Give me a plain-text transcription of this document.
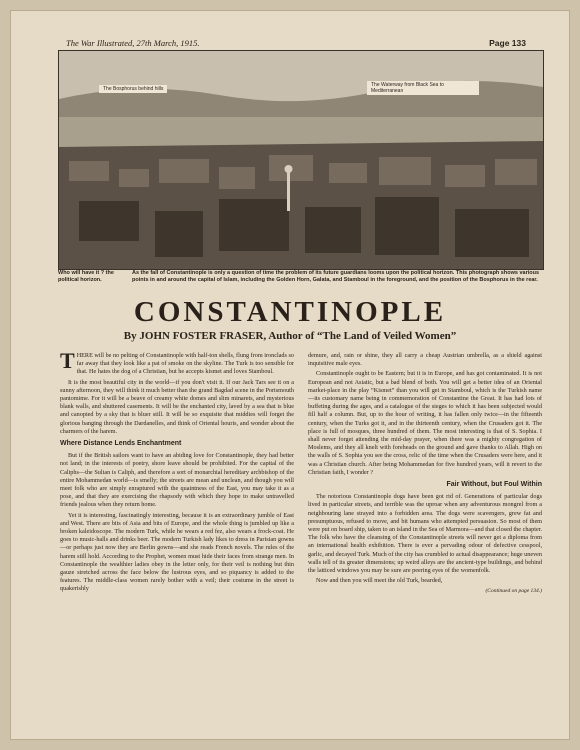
The War Illustrated, 27th March, 1915.	Page 133
The Bosphorus behind hills
The Waterway from Black Sea to Mediterranean
Who will have it ? the political horizon.
As the fall of Constantinople is only a question of time the problem of its future guardians looms upon the political horizon. This photograph shows various points in and around the capital of Islam, including the Golden Horn, Galata, and Stamboul in the foreground, and the position of the Bosphorus in the rear.
CONSTANTINOPLE
By JOHN FOSTER FRASER, Author of “The Land of Veiled Women”

THERE will be no pelting of Constantinople with half-ton shells, flung from ironclads so far away that they look like a pat of smoke on the skyline. The Turk is too sensible for that. He hates the dog of a Christian, but he accepts kismet and loves Stamboul.

It is the most beautiful city in the world—if you don't visit it. If our Jack Tars see it on a sunny afternoon, they will think it much better than the grand Bagdad scene in the Portsmouth pantomime. For it will be a beave of creamy white domes and slim minarets, and mysterious blank walls, and shuttered casements. It will be the enchanted city, laved by a sea that is blue and canopied by a sky that is bluer still. It will be so exquisite that middies will forget the glorious banging through the Dardanelles, and think of Oriental houris, and wonder about the charmers of the harem.

Where Distance Lends Enchantment

But if the British sailors want to have an abiding love for Constantinople, they had better not land; in the interests of poetry, shore leave should be prohibited. For the capital of the Caliphs—the Sultan is Caliph, and therefore a sort of monarchial hereditary archbishop of the entire Mohammedan world—is smelly; the streets are mean and unclean, and though you will meet folk who are simply enraptured with the quaintness of the East, you may take it as a pose, and that they are exercising the rhapsody with which they hope to make untravelled friends jealous when they return home.

Yet it is interesting, fascinatingly interesting, because it is an extraordinary jumble of East and West. There are bits of Asia and bits of Europe, and the whole thing is jumbled up like a broken kaleidoscope. The modern Turk, while he wears a red fez, also wears a frock-coat. He goes to music-halls and drinks beer. The modern Turkish lady likes to dress in Parisian gowns—or perhaps just now they are Berlin gowns—and she reads French novels. The rules of the harem still hold. According to the Prophet, women must hide their faces from strange men. In Constantinople the wealthier ladies obey in the letter only, for their veil is nothing but thin gauze stretched across the face below the lustrous eyes, and so piquancy is added to the features. The middle-class women rarely bother with a veil; their costume in the street is quakerishly

demure, and, rain or shine, they all carry a cheap Austrian umbrella, as a shield against inquisitive male eyes.

Constantinople ought to be Eastern; but it is in Europe, and has got contaminated. It is not European and not Asiatic, but a bad blend of both. You will get a better idea of an Oriental market-place in the play “Kismet” than you will get in Stamboul, which is the Turkish name—its customary name being in commemoration of Constantine the Great. It has had lots of buffeting during the ages, and a catalogue of the sieges to which it has been subjected would fill half a column. But, up to the hour of writing, it has fallen only twice—in the fifteenth century, when the Turks got it, and in the thirteenth century, when the Crusaders got it. The place is full of mosques, three hundred of them. The most interesting is that of S. Sophia. I shall never forget attending the mid-day prayer, when there was a mighty congregation of Moslems, and they all knelt with foreheads on the ground and gave thanks to Allah. High on the walls of S. Sophia you see the cross, relic of the time when the Crusaders were here, and it was a Christian church. After being Mohammedan for five hundred years, will it revert to the Christian faith, I wonder ?

Fair Without, but Foul Within

The notorious Constantinople dogs have been got rid of. Generations of particular dogs lived in particular streets, and terrible was the uproar when any adventurous mongrel from a neighbouring lane strayed into a forbidden area. The dogs were scavengers, grew fat and presumptuous, refused to move, and bit humans who attempted persuasion. So most of them were put on board ship, taken to an island in the Sea of Marmora—and that closed the chapter. The folk who have the cleansing of the Constantinople streets will never get a diploma from an international health exhibition. There is ever a pervading odour of defective cesspool, garlic, and decayed Turk. Much of the city has crumbled to actual disappearance; huge uneven walls tell of its greater dimensions; up weird alleys are the ancient-type buildings, and behind the latticed windows you may be sure are peering eyes of the womenfolk.

Now and then you will meet the old Turk, bearded,

(Continued on page 134.)
